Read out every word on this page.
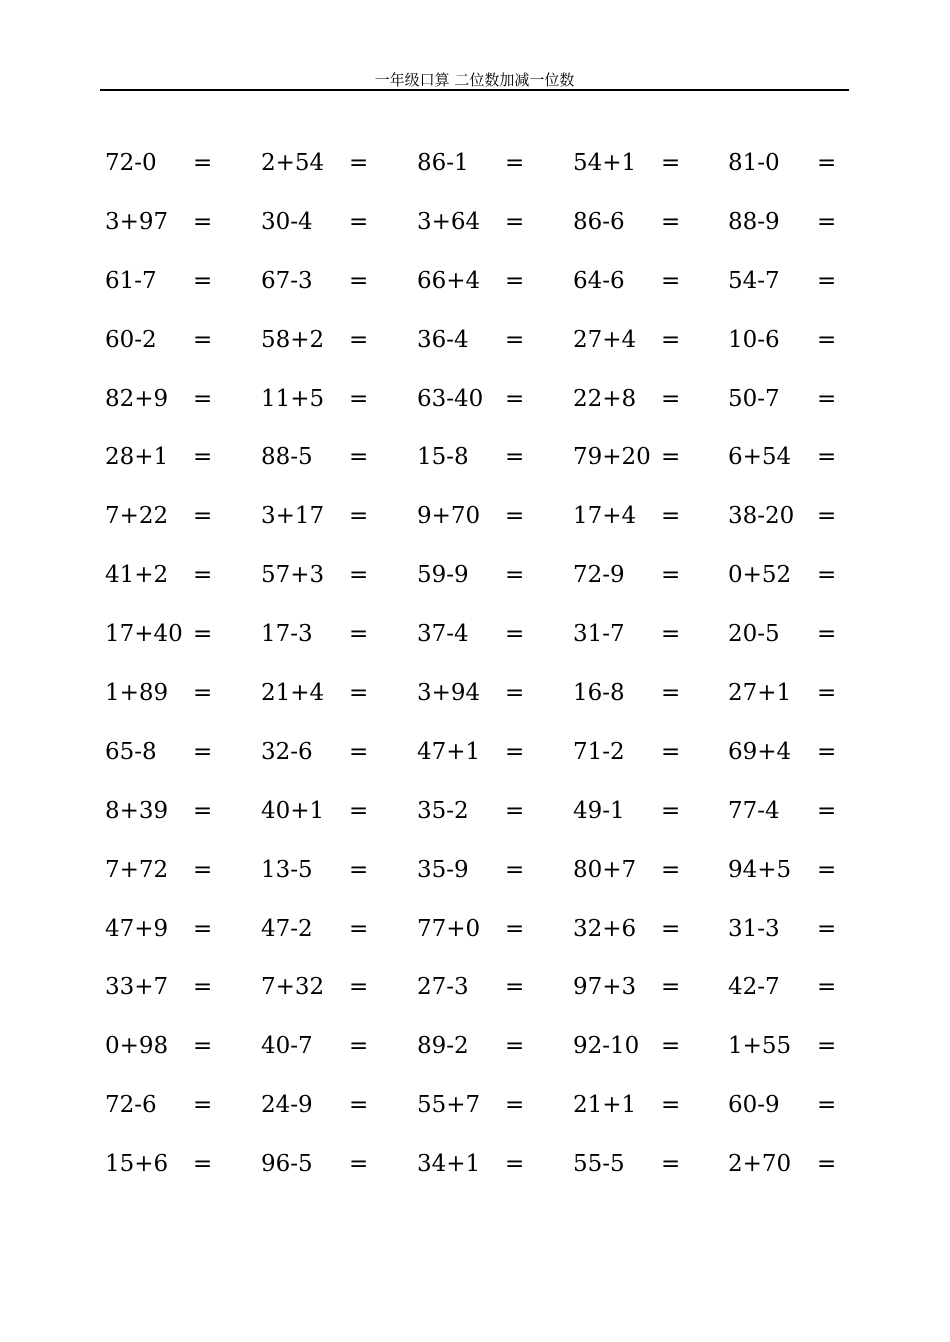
一年级口算 二位数加减一位数
72-0 = 2+54 = 86-1 = 54+1 = 81-0 =
3+97 = 30-4 = 3+64 = 86-6 = 88-9 =
61-7 = 67-3 = 66+4 = 64-6 = 54-7 =
60-2 = 58+2 = 36-4 = 27+4 = 10-6 =
82+9 = 11+5 = 63-40 = 22+8 = 50-7 =
28+1 = 88-5 = 15-8 = 79+20 = 6+54 =
7+22 = 3+17 = 9+70 = 17+4 = 38-20 =
41+2 = 57+3 = 59-9 = 72-9 = 0+52 =
17+40 = 17-3 = 37-4 = 31-7 = 20-5 =
1+89 = 21+4 = 3+94 = 16-8 = 27+1 =
65-8 = 32-6 = 47+1 = 71-2 = 69+4 =
8+39 = 40+1 = 35-2 = 49-1 = 77-4 =
7+72 = 13-5 = 35-9 = 80+7 = 94+5 =
47+9 = 47-2 = 77+0 = 32+6 = 31-3 =
33+7 = 7+32 = 27-3 = 97+3 = 42-7 =
0+98 = 40-7 = 89-2 = 92-10 = 1+55 =
72-6 = 24-9 = 55+7 = 21+1 = 60-9 =
15+6 = 96-5 = 34+1 = 55-5 = 2+70 =
